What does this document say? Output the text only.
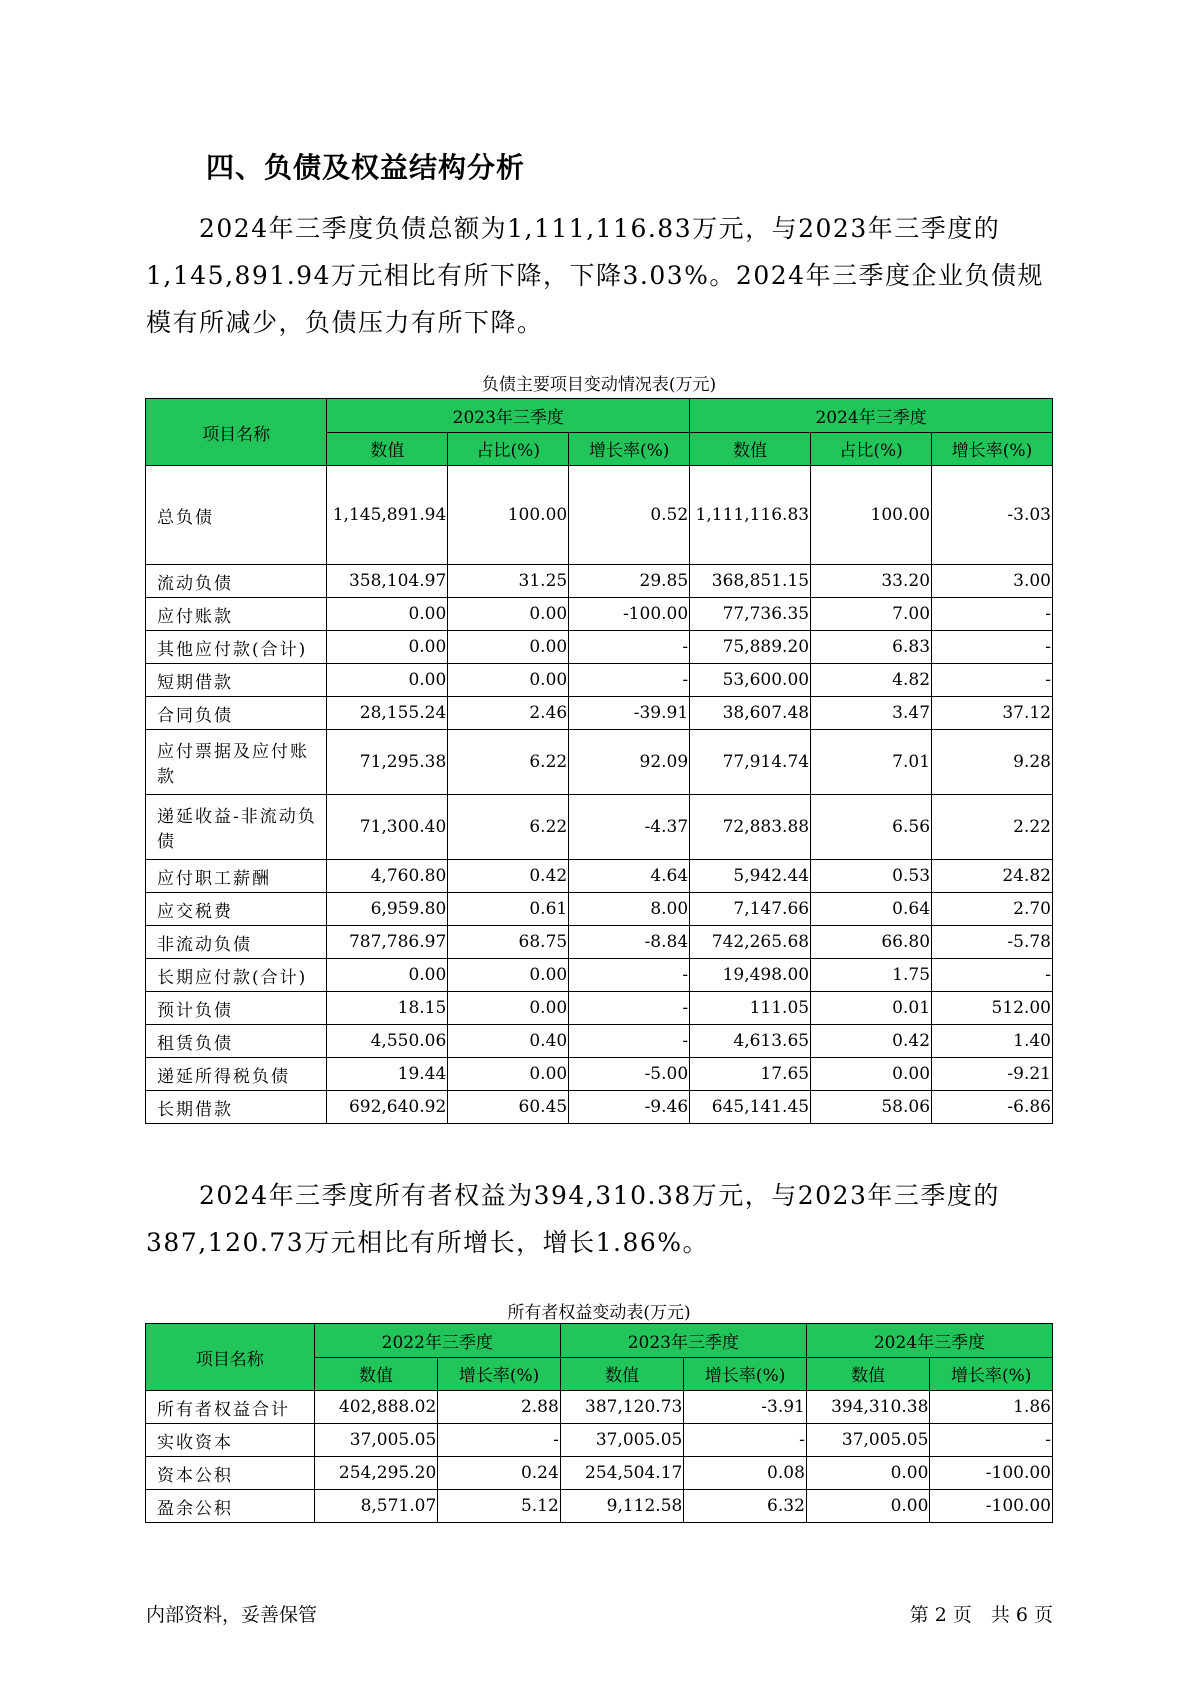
四、负债及权益结构分析

　　2024年三季度负债总额为1,111,116.83万元，与2023年三季度的1,145,891.94万元相比有所下降，下降3.03%。2024年三季度企业负债规模有所减少，负债压力有所下降。

负债主要项目变动情况表(万元)

项目名称	2023年三季度			2024年三季度		
	数值	占比(%)	增长率(%)	数值	占比(%)	增长率(%)
总负债	1,145,891.94	100.00	0.52	1,111,116.83	100.00	-3.03
流动负债	358,104.97	31.25	29.85	368,851.15	33.20	3.00
应付账款	0.00	0.00	-100.00	77,736.35	7.00	-
其他应付款(合计)	0.00	0.00	-	75,889.20	6.83	-
短期借款	0.00	0.00	-	53,600.00	4.82	-
合同负债	28,155.24	2.46	-39.91	38,607.48	3.47	37.12
应付票据及应付账款	71,295.38	6.22	92.09	77,914.74	7.01	9.28
递延收益-非流动负债	71,300.40	6.22	-4.37	72,883.88	6.56	2.22
应付职工薪酬	4,760.80	0.42	4.64	5,942.44	0.53	24.82
应交税费	6,959.80	0.61	8.00	7,147.66	0.64	2.70
非流动负债	787,786.97	68.75	-8.84	742,265.68	66.80	-5.78
长期应付款(合计)	0.00	0.00	-	19,498.00	1.75	-
预计负债	18.15	0.00	-	111.05	0.01	512.00
租赁负债	4,550.06	0.40	-	4,613.65	0.42	1.40
递延所得税负债	19.44	0.00	-5.00	17.65	0.00	-9.21
长期借款	692,640.92	60.45	-9.46	645,141.45	58.06	-6.86

　　2024年三季度所有者权益为394,310.38万元，与2023年三季度的387,120.73万元相比有所增长，增长1.86%。

所有者权益变动表(万元)

项目名称	2022年三季度		2023年三季度		2024年三季度	
	数值	增长率(%)	数值	增长率(%)	数值	增长率(%)
所有者权益合计	402,888.02	2.88	387,120.73	-3.91	394,310.38	1.86
实收资本	37,005.05	-	37,005.05	-	37,005.05	-
资本公积	254,295.20	0.24	254,504.17	0.08	0.00	-100.00
盈余公积	8,571.07	5.12	9,112.58	6.32	0.00	-100.00

内部资料，妥善保管	第 2 页　共 6 页
